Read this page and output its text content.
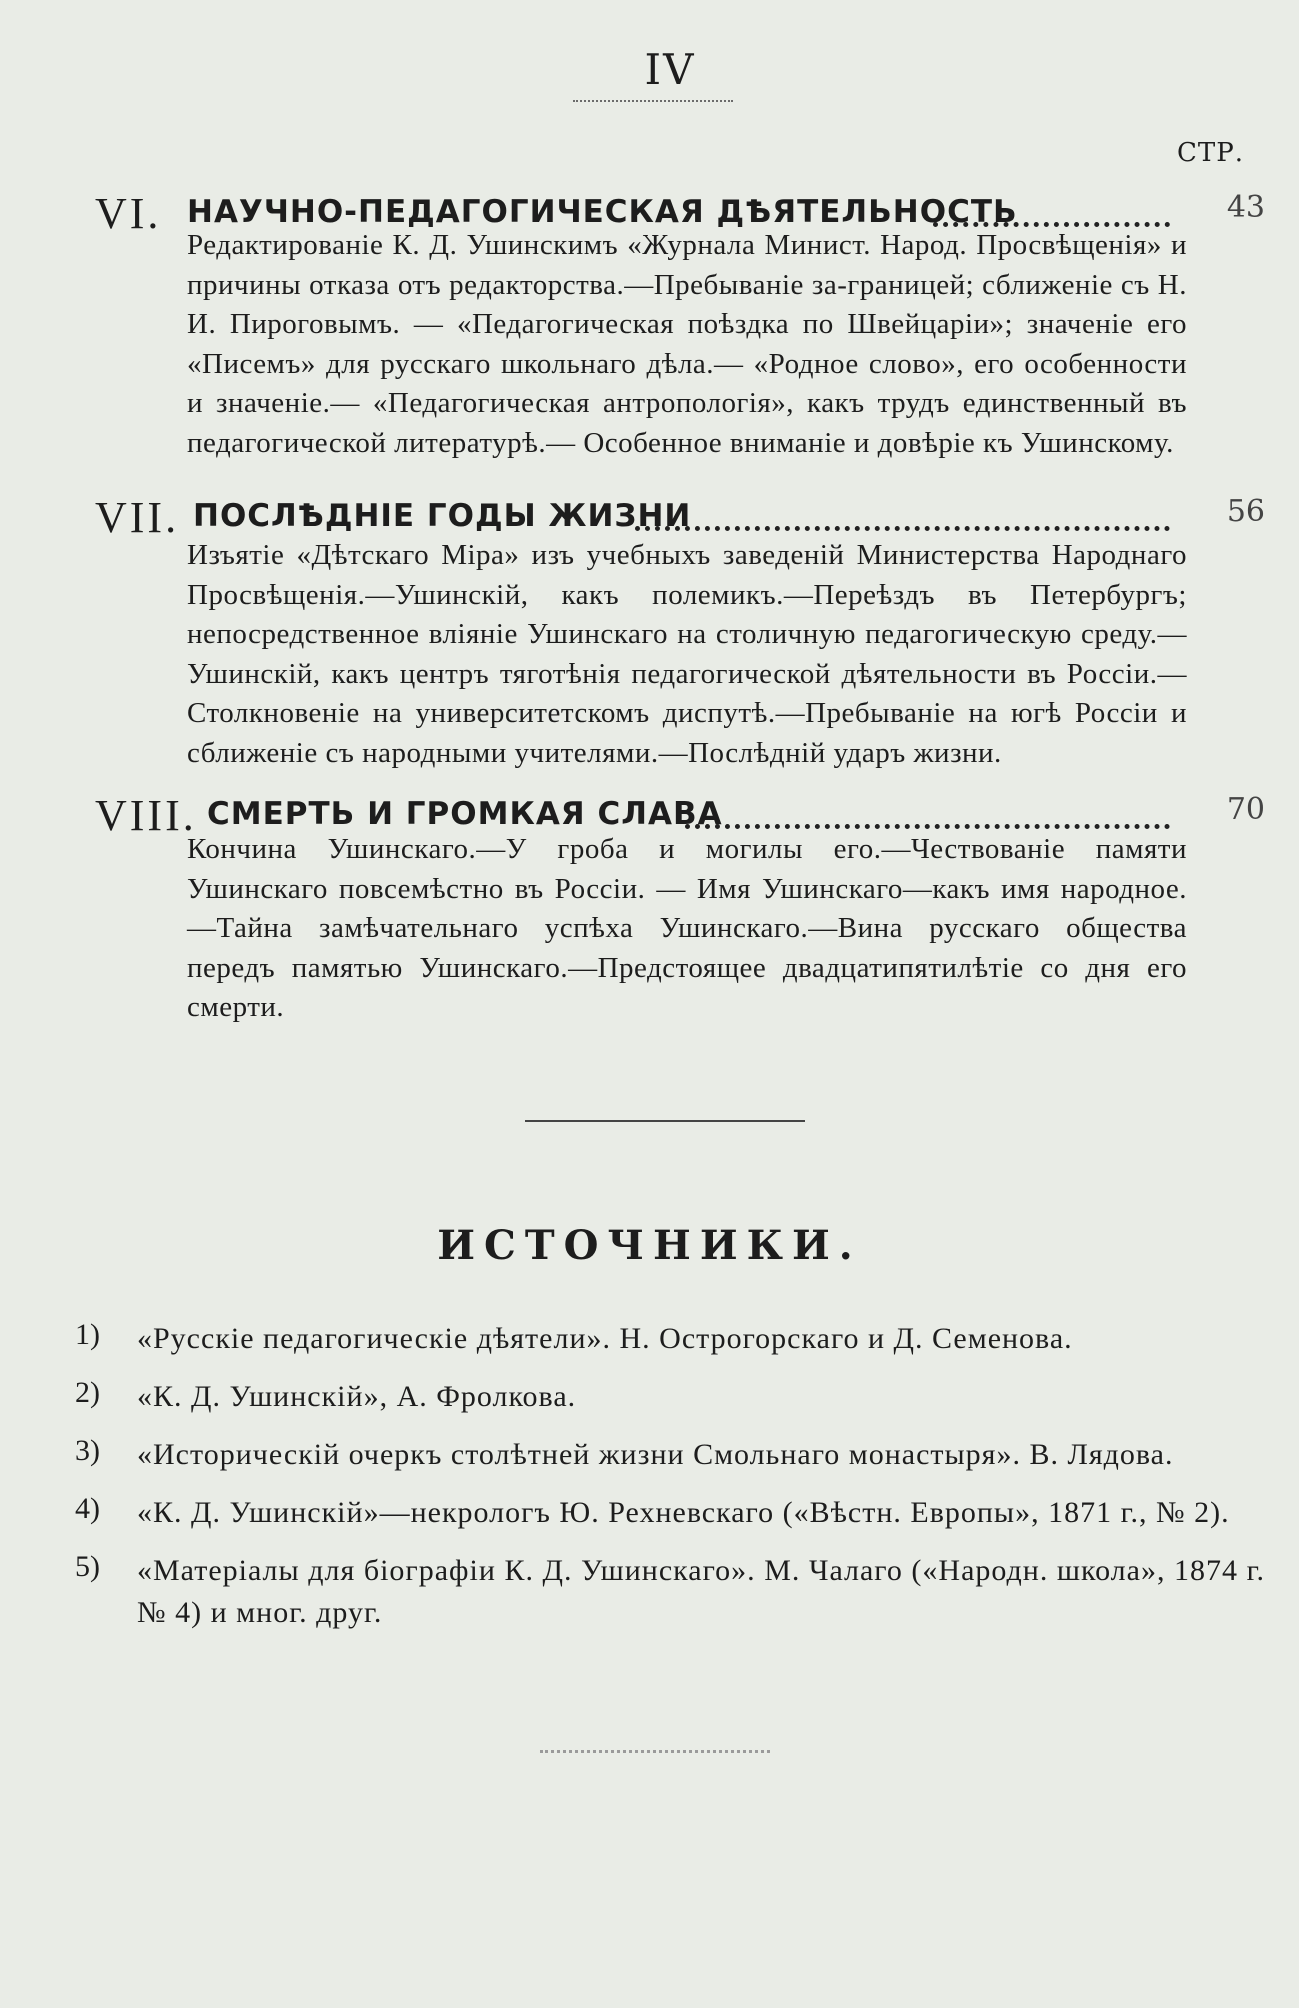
IV
СТР.
VI. НАУЧНО-ПЕДАГОГИЧЕСКАЯ ДѢЯТЕЛЬНОСТЬ	43
Редактированіе К. Д. Ушинскимъ «Журнала Минист. Народ. Просвѣщенія» и причины отказа отъ редакторства.—Пребываніе за-границей; сближеніе съ Н. И. Пироговымъ. — «Педагогическая поѣздка по Швейцаріи»; значеніе его «Писемъ» для русскаго школьнаго дѣла.— «Родное слово», его особенности и значеніе.— «Педагогическая антропологія», какъ трудъ единственный въ педагогической литературѣ.— Особенное вниманіе и довѣріе къ Ушинскому.
VII. ПОСЛѢДНІЕ ГОДЫ ЖИЗНИ	56
Изъятіе «Дѣтскаго Міра» изъ учебныхъ заведеній Министерства Народнаго Просвѣщенія.—Ушинскій, какъ полемикъ.—Переѣздъ въ Петербургъ; непосредственное вліяніе Ушинскаго на столичную педагогическую среду.—Ушинскій, какъ центръ тяготѣнія педагогической дѣятельности въ Россіи.—Столкновеніе на университетскомъ диспутѣ.—Пребываніе на югѣ Россіи и сближеніе съ народными учителями.—Послѣдній ударъ жизни.
VIII. СМЕРТЬ И ГРОМКАЯ СЛАВА	70
Кончина Ушинскаго.—У гроба и могилы его.—Чествованіе памяти Ушинскаго повсемѣстно въ Россіи. — Имя Ушинскаго—какъ имя народное.—Тайна замѣчательнаго успѣха Ушинскаго.—Вина русскаго общества передъ памятью Ушинскаго.—Предстоящее двадцатипятилѣтіе со дня его смерти.
ИСТОЧНИКИ.
1) «Русскіе педагогическіе дѣятели». Н. Острогорскаго и Д. Семенова.
2) «К. Д. Ушинскій», А. Фролкова.
3) «Историческій очеркъ столѣтней жизни Смольнаго монастыря». В. Лядова.
4) «К. Д. Ушинскій»—некрологъ Ю. Рехневскаго («Вѣстн. Европы», 1871 г., № 2).
5) «Матеріалы для біографіи К. Д. Ушинскаго». М. Чалаго («Народн. школа», 1874 г. № 4) и мног. друг.
